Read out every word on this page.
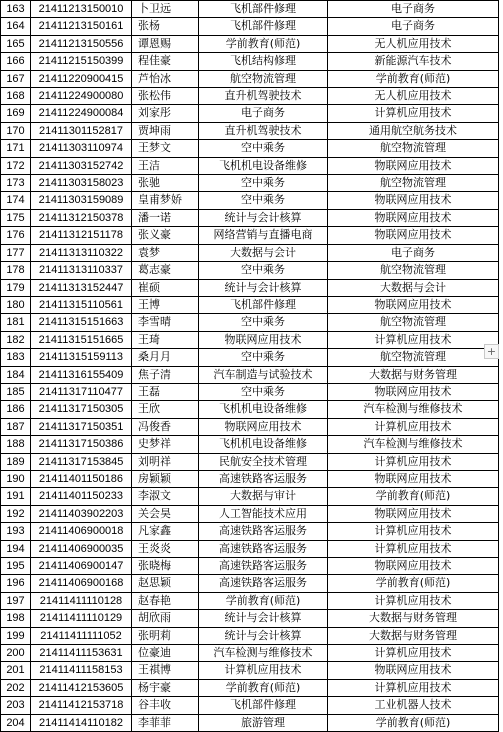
163	21411213150010	卜卫远	飞机部件修理	电子商务
164	21411213150161	张杨	飞机部件修理	电子商务
165	21411213150556	谭恩赐	学前教育(师范)	无人机应用技术
166	21411215150399	程佳豪	飞机结构修理	新能源汽车技术
167	21411220900415	芦怡冰	航空物流管理	学前教育(师范)
168	21411224900080	张松伟	直升机驾驶技术	无人机应用技术
169	21411224900084	刘家彤	电子商务	计算机应用技术
170	21411301152817	贾坤雨	直升机驾驶技术	通用航空航务技术
171	21411303110974	王梦文	空中乘务	航空物流管理
172	21411303152742	王洁	飞机机电设备维修	物联网应用技术
173	21411303158023	张驰	空中乘务	航空物流管理
174	21411303159089	皇甫梦娇	空中乘务	物联网应用技术
175	21411312150378	潘一诺	统计与会计核算	物联网应用技术
176	21411312151178	张义豪	网络营销与直播电商	物联网应用技术
177	21411313110322	袁梦	大数据与会计	电子商务
178	21411313110337	葛志豪	空中乘务	航空物流管理
179	21411313152447	崔硕	统计与会计核算	大数据与会计
180	21411315110561	王博	飞机部件修理	物联网应用技术
181	21411315151663	李雪晴	空中乘务	航空物流管理
182	21411315151665	王琦	物联网应用技术	计算机应用技术
183	21411315159113	桑月月	空中乘务	航空物流管理
184	21411316155409	焦子清	汽车制造与试验技术	大数据与财务管理
185	21411317110477	王磊	空中乘务	物联网应用技术
186	21411317150305	王欣	飞机机电设备维修	汽车检测与维修技术
187	21411317150351	冯俊香	物联网应用技术	计算机应用技术
188	21411317150386	史梦祥	飞机机电设备维修	汽车检测与维修技术
189	21411317153845	刘明祥	民航安全技术管理	计算机应用技术
190	21411401150186	房颖颖	高速铁路客运服务	物联网应用技术
191	21411401150233	李淑文	大数据与审计	学前教育(师范)
192	21411403902203	关会昊	人工智能技术应用	物联网应用技术
193	21411406900018	凡家鑫	高速铁路客运服务	计算机应用技术
194	21411406900035	王炎炎	高速铁路客运服务	计算机应用技术
195	21411406900147	张晓梅	高速铁路客运服务	物联网应用技术
196	21411406900168	赵思颖	高速铁路客运服务	学前教育(师范)
197	21411411110128	赵春艳	学前教育(师范)	计算机应用技术
198	21411411110129	胡欣雨	统计与会计核算	大数据与财务管理
199	21411411111052	张明莉	统计与会计核算	大数据与财务管理
200	21411411153631	位豪迪	汽车检测与维修技术	计算机应用技术
201	21411411158153	王祺博	计算机应用技术	物联网应用技术
202	21411412153605	杨宇豪	学前教育(师范)	计算机应用技术
203	21411412153718	谷丰收	飞机部件修理	工业机器人技术
204	21411414110182	李菲菲	旅游管理	学前教育(师范)
+
